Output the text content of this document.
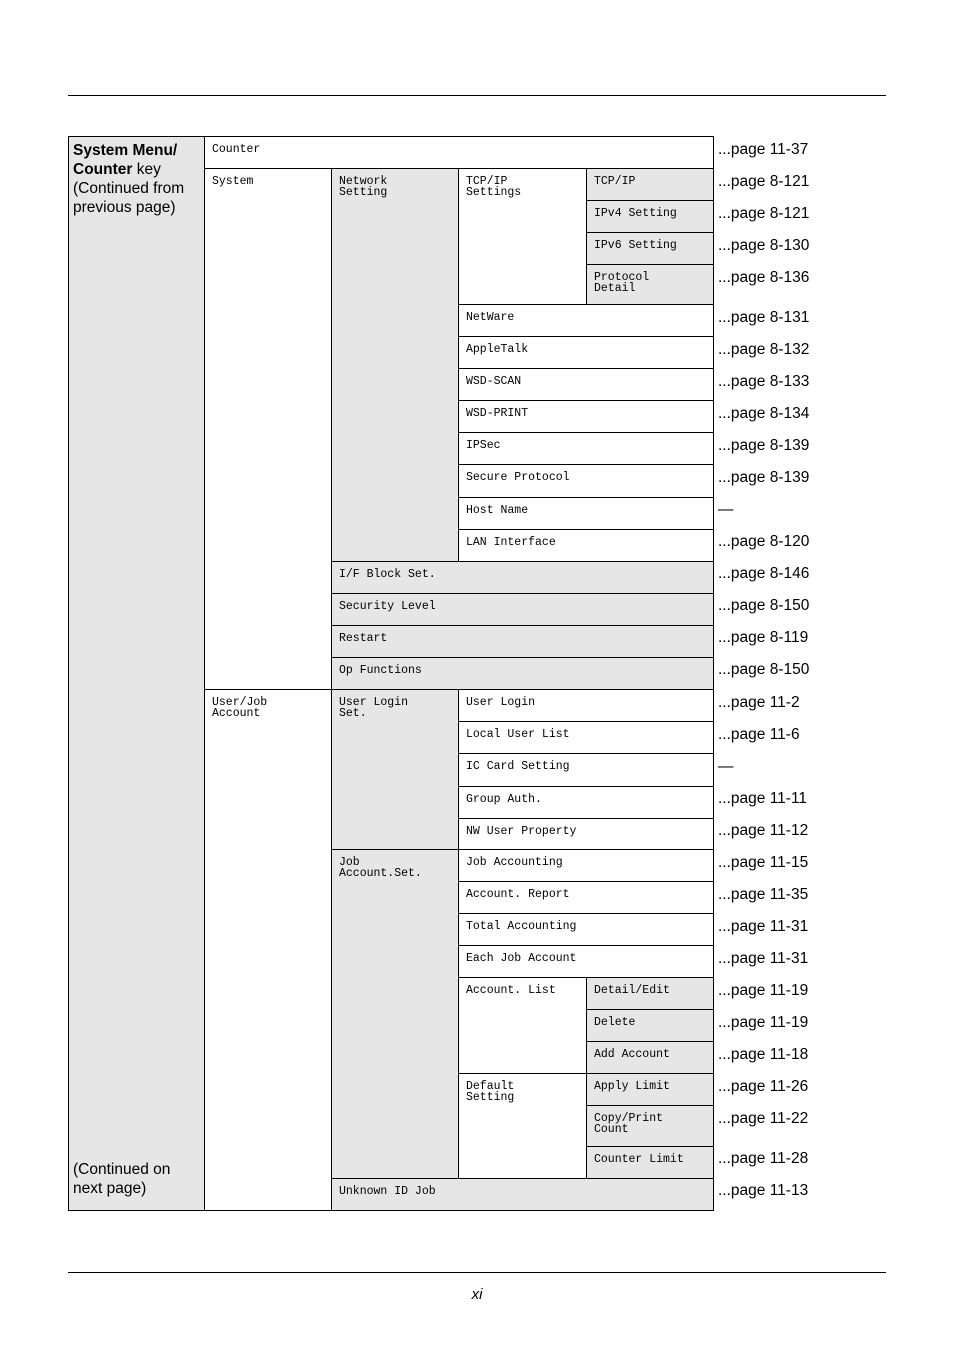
System Menu/
Counter key
(Continued from
previous page)
(Continued on
next page)
Counter
System
User/Job
Account
Network
Setting
I/F Block Set.
Security Level
Restart
Op Functions
User Login
Set.
Job
Account.Set.
Unknown ID Job
TCP/IP
Settings
NetWare
AppleTalk
WSD-SCAN
WSD-PRINT
IPSec
Secure Protocol
Host Name
LAN Interface
User Login
Local User List
IC Card Setting
Group Auth.
NW User Property
Job Accounting
Account. Report
Total Accounting
Each Job Account
Account. List
Default
Setting
TCP/IP
IPv4 Setting
IPv6 Setting
Protocol
Detail
Detail/Edit
Delete
Add Account
Apply Limit
Copy/Print
Count
Counter Limit
...page 11-37
...page 8-121
...page 8-121
...page 8-130
...page 8-136
...page 8-131
...page 8-132
...page 8-133
...page 8-134
...page 8-139
...page 8-139
—
...page 8-120
...page 8-146
...page 8-150
...page 8-119
...page 8-150
...page 11-2
...page 11-6
—
...page 11-11
...page 11-12
...page 11-15
...page 11-35
...page 11-31
...page 11-31
...page 11-19
...page 11-19
...page 11-18
...page 11-26
...page 11-22
...page 11-28
...page 11-13
xi
